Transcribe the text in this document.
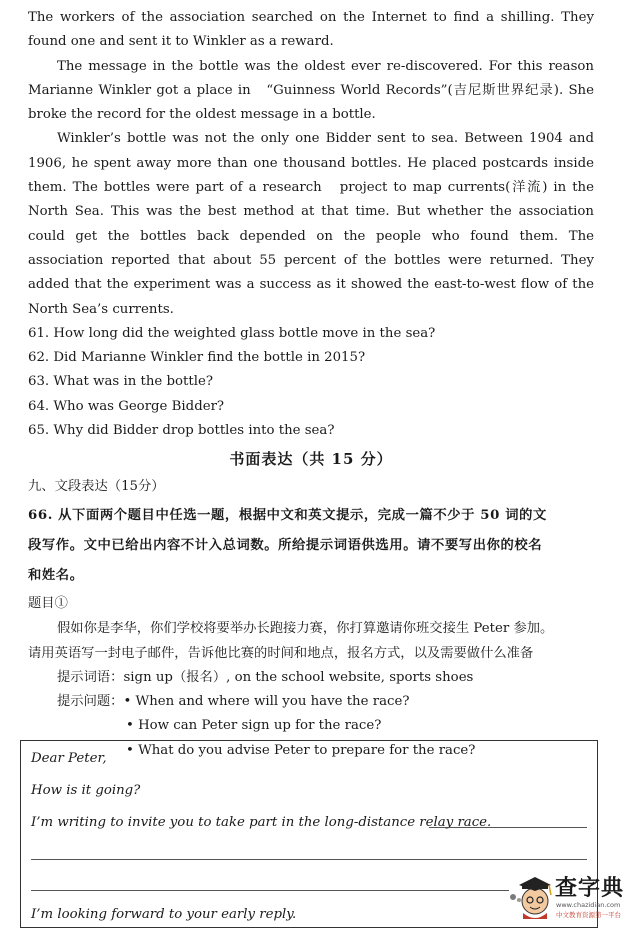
The workers of the association searched on the Internet to find a shilling. They found one and sent it to Winkler as a reward.

The message in the bottle was the oldest ever re-discovered. For this reason Marianne Winkler got a place in   “Guinness World Records”(吉尼斯世界纪录). She broke the record for the oldest message in a bottle.

Winkler’s bottle was not the only one Bidder sent to sea. Between 1904 and 1906, he spent away more than one thousand bottles. He placed postcards inside them. The bottles were part of a research   project to map currents(洋流) in the North Sea. This was the best method at that time. But whether the association could get the bottles back depended on the people who found them. The association reported that about 55 percent of the bottles were returned. They added that the experiment was a success as it showed the east-to-west flow of the North Sea’s currents.

61. How long did the weighted glass bottle move in the sea?

62. Did Marianne Winkler find the bottle in 2015?

63. What was in the bottle?

64. Who was George Bidder?

65. Why did Bidder drop bottles into the sea?

书面表达（共 15 分）

九、文段表达（15分）

66. 从下面两个题目中任选一题，根据中文和英文提示，完成一篇不少于 50 词的文

段写作。文中已给出内容不计入总词数。所给提示词语供选用。请不要写出你的校名

和姓名。

题目①

假如你是李华，你们学校将要举办长跑接力赛，你打算邀请你班交接生 Peter 参加。

请用英语写一封电子邮件，告诉他比赛的时间和地点，报名方式，以及需要做什么准备

提示词语：sign up（报名）, on the school website, sports shoes

提示问题：• When and where will you have the race?

• How can Peter sign up for the race?

• What do you advise Peter to prepare for the race?

Dear Peter,
How is it going?
I’m writing to invite you to take part in the long-distance relay race.
I’m looking forward to your early reply.
查字典
www.chazidian.com
中文教育资源第一平台
